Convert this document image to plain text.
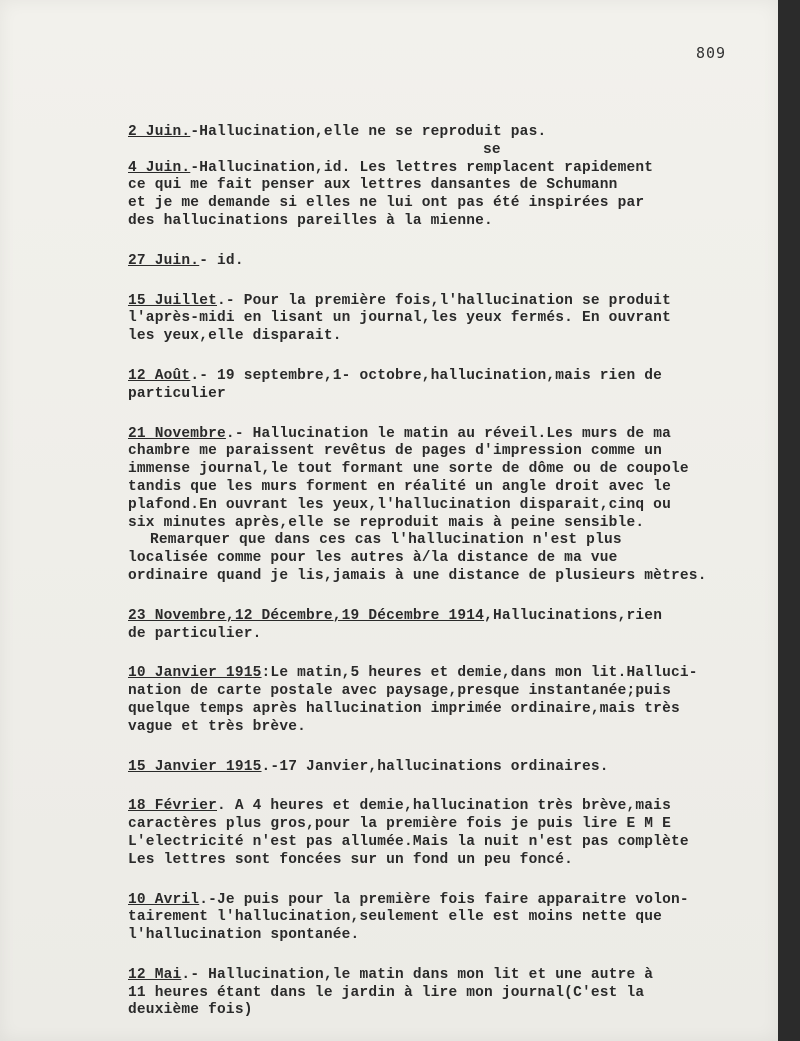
809

2 Juin.-Hallucination,elle ne se reproduit pas.

se

4 Juin.-Hallucination,id. Les lettres remplacent rapidement

ce qui me fait penser aux lettres dansantes de Schumann

et je me demande si elles ne lui ont pas été inspirées par

des hallucinations pareilles à la mienne.

27 Juin.- id.

15 Juillet.- Pour la première fois,l'hallucination se produit

l'après-midi en lisant un journal,les yeux fermés. En ouvrant

les yeux,elle disparait.

12 Août.- 19 septembre,1- octobre,hallucination,mais rien de

particulier

21 Novembre.- Hallucination le matin au réveil.Les murs de ma

chambre me paraissent revêtus de pages d'impression comme un

immense journal,le tout formant une sorte de dôme ou de coupole

tandis que les murs forment en réalité un angle droit avec le

plafond.En ouvrant les yeux,l'hallucination disparait,cinq ou

six minutes après,elle se reproduit mais à peine sensible.

Remarquer que dans ces cas l'hallucination n'est plus

localisée comme pour les autres à/la distance de ma vue

ordinaire quand je lis,jamais à une distance de plusieurs mètres.

23 Novembre,12 Décembre,19 Décembre 1914,Hallucinations,rien

de particulier.

10 Janvier 1915:Le matin,5 heures et demie,dans mon lit.Halluci-

nation de carte postale avec paysage,presque instantanée;puis

quelque temps après hallucination imprimée ordinaire,mais très

vague et très brève.

15 Janvier 1915.-17 Janvier,hallucinations ordinaires.

18 Février. A 4 heures et demie,hallucination très brève,mais

caractères plus gros,pour la première fois je puis lire E M E

L'electricité n'est pas allumée.Mais la nuit n'est pas complète

Les lettres sont foncées sur un fond un peu foncé.

10 Avril.-Je puis pour la première fois faire apparaitre volon-

tairement l'hallucination,seulement elle est moins nette que

l'hallucination spontanée.

12 Mai.- Hallucination,le matin dans mon lit et une autre à

11 heures étant dans le jardin à lire mon journal(C'est la

deuxième fois)
